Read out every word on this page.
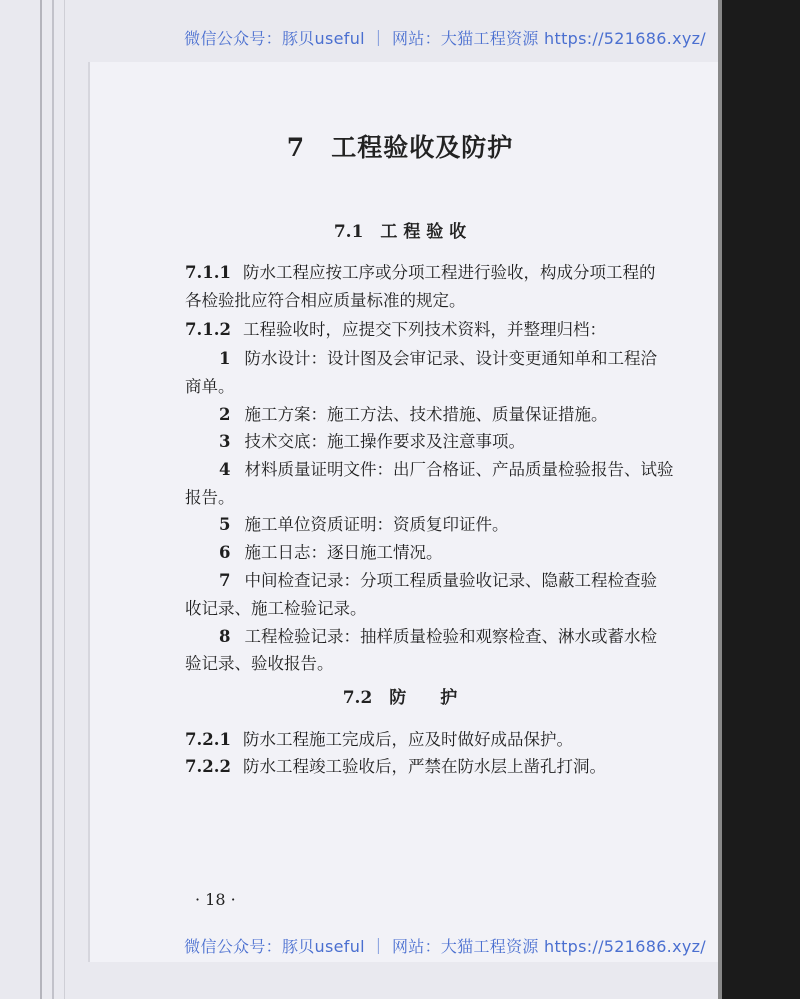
微信公众号：豚贝useful ｜ 网站：大猫工程资源 https://521686.xyz/
7　工程验收及防护
7.1　工 程 验 收
7.1.1 防水工程应按工序或分项工程进行验收，构成分项工程的
各检验批应符合相应质量标准的规定。
7.1.2 工程验收时，应提交下列技术资料，并整理归档：
1 防水设计：设计图及会审记录、设计变更通知单和工程洽
商单。
2 施工方案：施工方法、技术措施、质量保证措施。
3 技术交底：施工操作要求及注意事项。
4 材料质量证明文件：出厂合格证、产品质量检验报告、试验
报告。
5 施工单位资质证明：资质复印证件。
6 施工日志：逐日施工情况。
7 中间检查记录：分项工程质量验收记录、隐蔽工程检查验
收记录、施工检验记录。
8 工程检验记录：抽样质量检验和观察检查、淋水或蓄水检
验记录、验收报告。
7.2　防　　护
7.2.1 防水工程施工完成后，应及时做好成品保护。
7.2.2 防水工程竣工验收后，严禁在防水层上凿孔打洞。
· 18 ·
微信公众号：豚贝useful ｜ 网站：大猫工程资源 https://521686.xyz/
